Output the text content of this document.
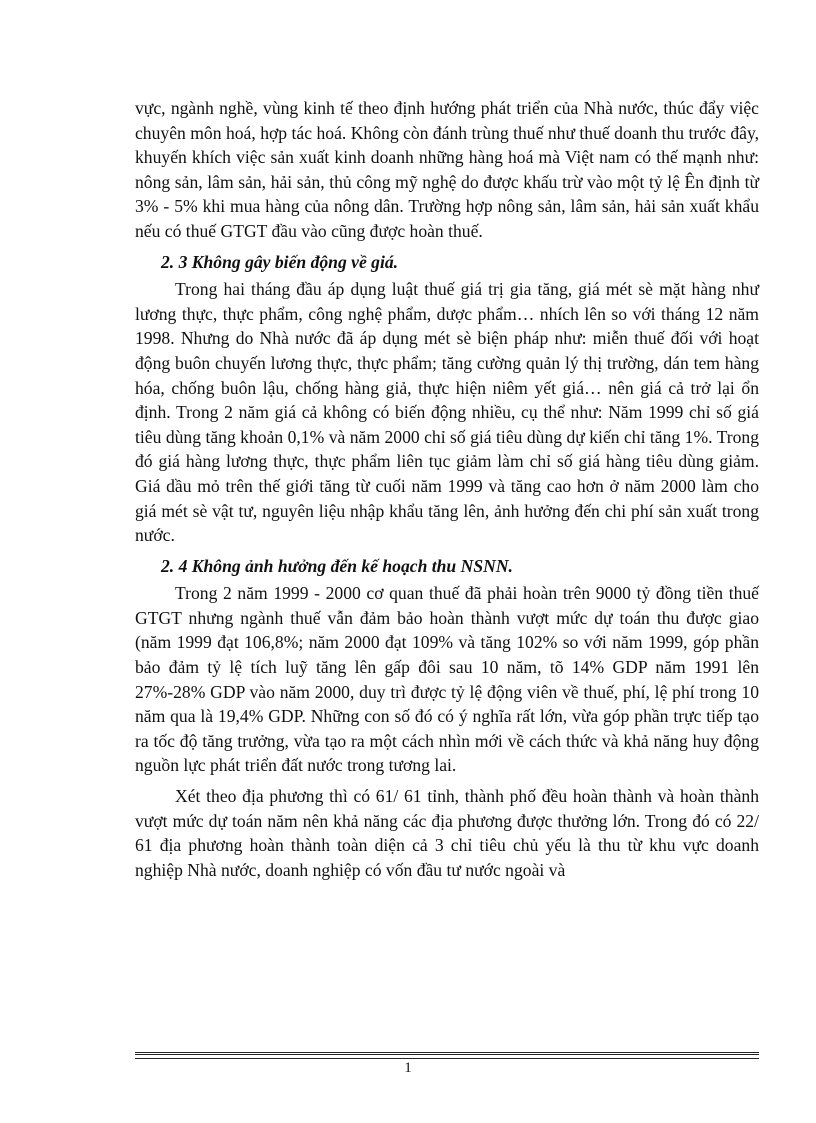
vực, ngành nghề, vùng kinh tế theo định hướng phát triển của Nhà nước, thúc đẩy việc chuyên môn hoá, hợp tác hoá. Không còn đánh trùng thuế như thuế doanh thu trước đây, khuyến khích việc sản xuất kinh doanh những hàng hoá mà Việt nam có thế mạnh như: nông sản, lâm sản, hải sản, thủ công mỹ nghệ do được khấu trừ vào một tỷ lệ Ên định từ 3% - 5% khi mua hàng của nông dân. Trường hợp nông sản, lâm sản, hải sản xuất khẩu nếu có thuế GTGT đầu vào cũng được hoàn thuế.

2. 3 Không gây biến động về giá.

Trong hai tháng đầu áp dụng luật thuế giá trị gia tăng, giá mét sè mặt hàng như lương thực, thực phẩm, công nghệ phẩm, dược phẩm… nhích lên so với tháng 12 năm 1998. Nhưng do Nhà nước đã áp dụng mét sè biện pháp như: miễn thuế đối với hoạt động buôn chuyến lương thực, thực phẩm; tăng cường quản lý thị trường, dán tem hàng hóa, chống buôn lậu, chống hàng giả, thực hiện niêm yết giá… nên giá cả trở lại ổn định. Trong 2 năm giá cả không có biến động nhiều, cụ thể như: Năm 1999 chỉ số giá tiêu dùng tăng khoản 0,1% và năm 2000 chỉ số giá tiêu dùng dự kiến chỉ tăng 1%. Trong đó giá hàng lương thực, thực phẩm liên tục giảm làm chỉ số giá hàng tiêu dùng giảm. Giá dầu mỏ trên thế giới tăng từ cuối năm 1999 và tăng cao hơn ở năm 2000 làm cho giá mét sè vật tư, nguyên liệu nhập khẩu tăng lên, ảnh hưởng đến chi phí sản xuất trong nước.

2. 4 Không ảnh hưởng đến kế hoạch thu NSNN.

Trong 2 năm 1999 - 2000 cơ quan thuế đã phải hoàn trên 9000 tỷ đồng tiền thuế GTGT nhưng ngành thuế vẫn đảm bảo hoàn thành vượt mức dự toán thu được giao (năm 1999 đạt 106,8%; năm 2000 đạt 109% và tăng 102% so với năm 1999, góp phần bảo đảm tỷ lệ tích luỹ tăng lên gấp đôi sau 10 năm, tõ 14% GDP năm 1991 lên 27%-28% GDP vào năm 2000, duy trì được tỷ lệ động viên về thuế, phí, lệ phí trong 10 năm qua là 19,4% GDP. Những con số đó có ý nghĩa rất lớn, vừa góp phần trực tiếp tạo ra tốc độ tăng trưởng, vừa tạo ra một cách nhìn mới về cách thức và khả năng huy động nguồn lực phát triển đất nước trong tương lai.

Xét theo địa phương thì có 61/ 61 tỉnh, thành phố đều hoàn thành và hoàn thành vượt mức dự toán năm nên khả năng các địa phương được thưởng lớn. Trong đó có 22/ 61 địa phương hoàn thành toàn diện cả 3 chỉ tiêu chủ yếu là thu từ khu vực doanh nghiệp Nhà nước, doanh nghiệp có vốn đầu tư nước ngoài và

1
